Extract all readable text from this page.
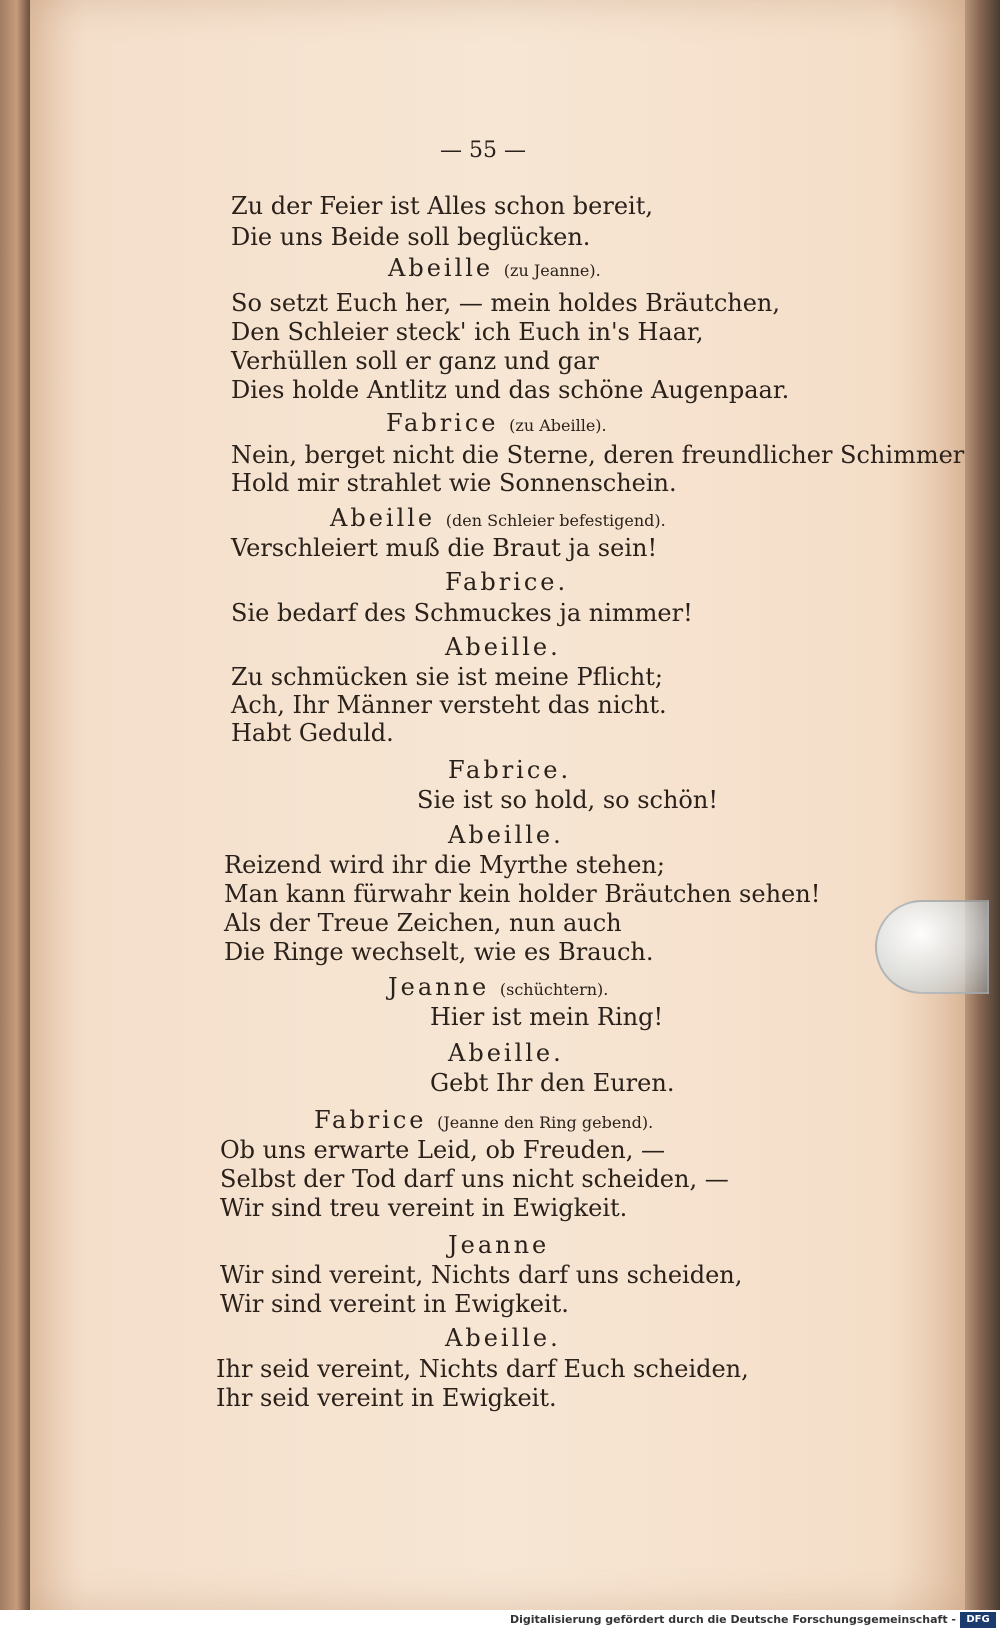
— 55 —
Zu der Feier ist Alles schon bereit,
Die uns Beide soll beglücken.
Abeille (zu Jeanne).
So setzt Euch her, — mein holdes Bräutchen,
Den Schleier steck' ich Euch in's Haar,
Verhüllen soll er ganz und gar
Dies holde Antlitz und das schöne Augenpaar.
Fabrice (zu Abeille).
Nein, berget nicht die Sterne, deren freundlicher Schimmer
Hold mir strahlet wie Sonnenschein.
Abeille (den Schleier befestigend).
Verschleiert muß die Braut ja sein!
Fabrice.
Sie bedarf des Schmuckes ja nimmer!
Abeille.
Zu schmücken sie ist meine Pflicht;
Ach, Ihr Männer versteht das nicht.
Habt Geduld.
Fabrice.
Sie ist so hold, so schön!
Abeille.
Reizend wird ihr die Myrthe stehen;
Man kann fürwahr kein holder Bräutchen sehen!
Als der Treue Zeichen, nun auch
Die Ringe wechselt, wie es Brauch.
Jeanne (schüchtern).
Hier ist mein Ring!
Abeille.
Gebt Ihr den Euren.
Fabrice (Jeanne den Ring gebend).
Ob uns erwarte Leid, ob Freuden, —
Selbst der Tod darf uns nicht scheiden, —
Wir sind treu vereint in Ewigkeit.
Jeanne
Wir sind vereint, Nichts darf uns scheiden,
Wir sind vereint in Ewigkeit.
Abeille.
Ihr seid vereint, Nichts darf Euch scheiden,
Ihr seid vereint in Ewigkeit.
Digitalisierung gefördert durch die Deutsche Forschungsgemeinschaft -	DFG
